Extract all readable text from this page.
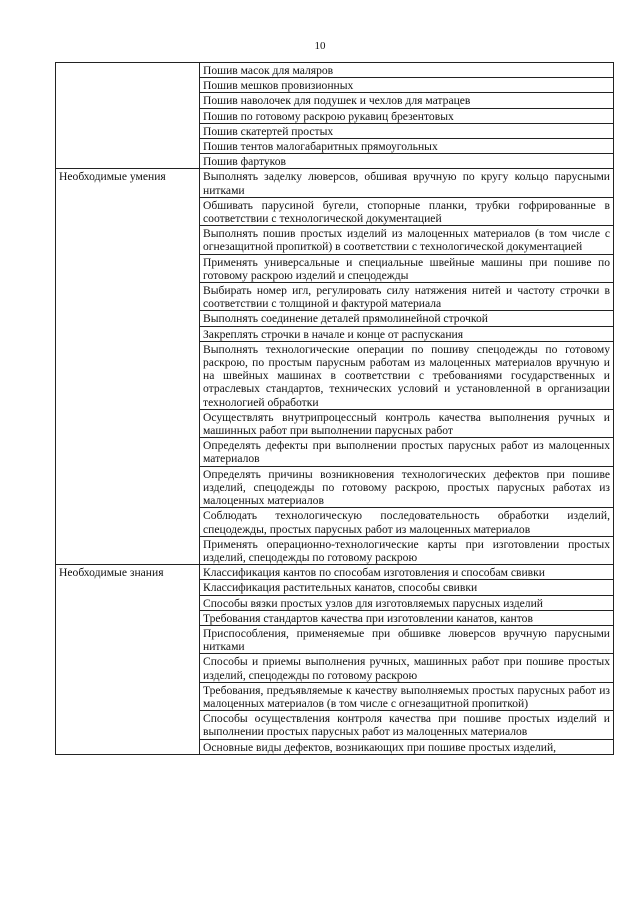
10
	Пошив масок для маляров
	Пошив мешков провизионных
	Пошив наволочек для подушек и чехлов для матрацев
	Пошив по готовому раскрою рукавиц брезентовых
	Пошив скатертей простых
	Пошив тентов малогабаритных прямоугольных
	Пошив фартуков
Необходимые умения	Выполнять заделку люверсов, обшивая вручную по кругу кольцо парусными нитками
	Обшивать парусиной бугели, стопорные планки, трубки гофрированные в соответствии с технологической документацией
	Выполнять пошив простых изделий из малоценных материалов (в том числе с огнезащитной пропиткой) в соответствии с технологической документацией
	Применять универсальные и специальные швейные машины при пошиве по готовому раскрою изделий и спецодежды
	Выбирать номер игл, регулировать силу натяжения нитей и частоту строчки в соответствии с толщиной и фактурой материала
	Выполнять соединение деталей прямолинейной строчкой
	Закреплять строчки в начале и конце от распускания
	Выполнять технологические операции по пошиву спецодежды по готовому раскрою, по простым парусным работам из малоценных материалов вручную и на швейных машинах в соответствии с требованиями государственных и отраслевых стандартов, технических условий и установленной в организации технологией обработки
	Осуществлять внутрипроцессный контроль качества выполнения ручных и машинных работ при выполнении парусных работ
	Определять дефекты при выполнении простых парусных работ из малоценных материалов
	Определять причины возникновения технологических дефектов при пошиве изделий, спецодежды по готовому раскрою, простых парусных работах из малоценных материалов
	Соблюдать технологическую последовательность обработки изделий, спецодежды, простых парусных работ из малоценных материалов
	Применять операционно-технологические карты при изготовлении простых изделий, спецодежды по готовому раскрою
Необходимые знания	Классификация кантов по способам изготовления и способам свивки
	Классификация растительных канатов, способы свивки
	Способы вязки простых узлов для изготовляемых парусных изделий
	Требования стандартов качества при изготовлении канатов, кантов
	Приспособления, применяемые при обшивке люверсов вручную парусными нитками
	Способы и приемы выполнения ручных, машинных работ при пошиве простых изделий, спецодежды по готовому раскрою
	Требования, предъявляемые к качеству выполняемых простых парусных работ из малоценных материалов (в том числе с огнезащитной пропиткой)
	Способы осуществления контроля качества при пошиве простых изделий и выполнении простых парусных работ из малоценных материалов
	Основные виды дефектов, возникающих при пошиве простых изделий,
